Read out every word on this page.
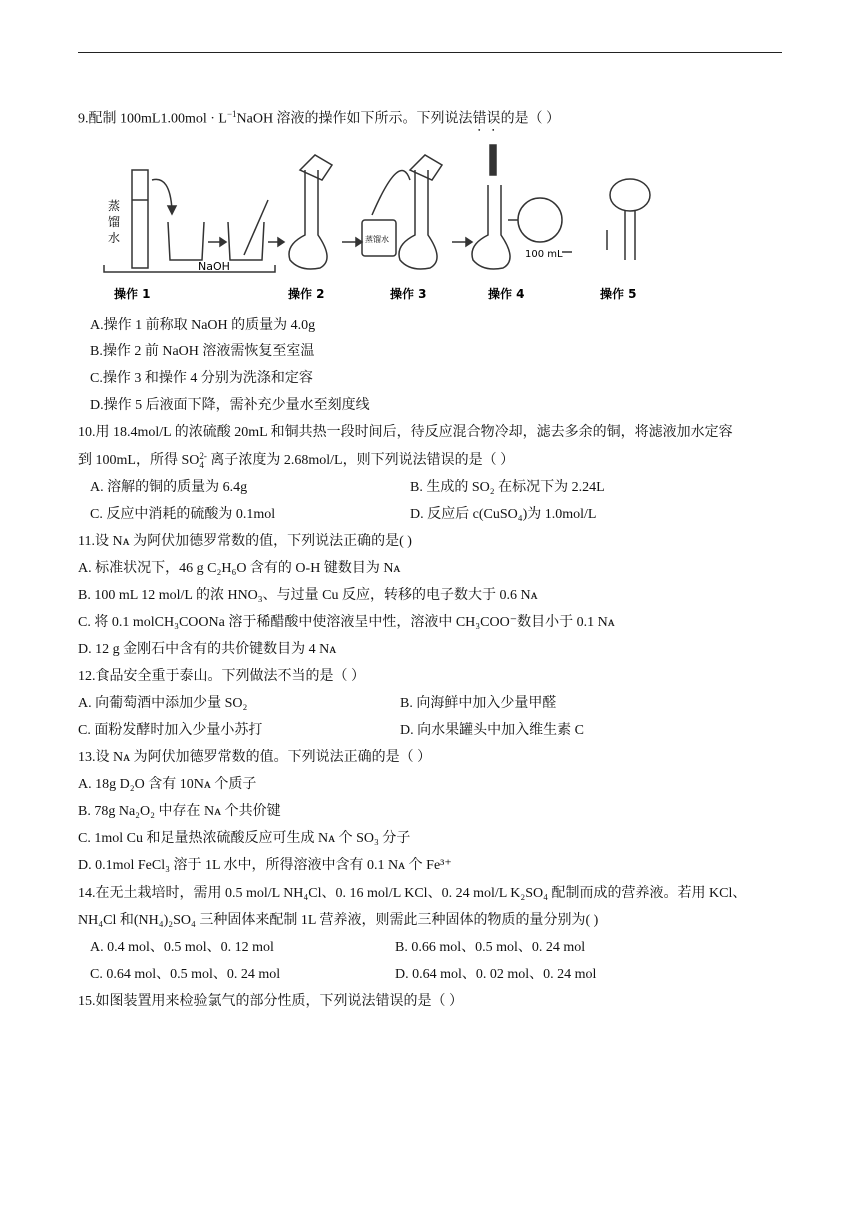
9.配制 $100mL1.00mol \cdot L^{-1}NaOH$ 溶液的操作如下所示。下列说法错误的是（ ）
蒸
馏
水
NaOH
蒸馏水
100 mL
操作 1	操作 2	操作 3	操作 4	操作 5
A.操作 1 前称取 NaOH 的质量为 4.0g
B.操作 2 前 NaOH 溶液需恢复至室温
C.操作 3 和操作 4 分别为洗涤和定容
D.操作 5 后液面下降，需补充少量水至刻度线
10.用 18.4mol/L 的浓硫酸 20mL 和铜共热一段时间后，待反应混合物冷却，滤去多余的铜，将滤液加水定容
到 100mL，所得 SO 2-
4 离子浓度为 2.68mol/L，则下列说法错误的是（ ）
A. 溶解的铜的质量为 6.4g	B. 生成的 SO₂ 在标况下为 2.24L
C. 反应中消耗的硫酸为 0.1mol	D. 反应后 c(CuSO₄)为 1.0mol/L
11.设 Nᴀ 为阿伏加德罗常数的值，下列说法正确的是( )
A. 标准状况下，46 g C₂H₆O 含有的 O-H 键数目为 Nᴀ
B. 100 mL 12 mol/L 的浓 HNO₃、与过量 Cu 反应，转移的电子数大于 0.6 Nᴀ
C. 将 0.1 molCH₃COONa 溶于稀醋酸中使溶液呈中性，溶液中 CH₃COO⁻数目小于 0.1 Nᴀ
D. 12 g 金刚石中含有的共价键数目为 4 Nᴀ
12.食品安全重于泰山。下列做法不当的是（ ）
A. 向葡萄酒中添加少量 SO₂	B. 向海鲜中加入少量甲醛
C. 面粉发酵时加入少量小苏打	D. 向水果罐头中加入维生素 C
13.设 Nᴀ 为阿伏加德罗常数的值。下列说法正确的是（ ）
A. 18g D₂O 含有 10Nᴀ 个质子
B. 78g Na₂O₂ 中存在 Nᴀ 个共价键
C. 1mol Cu 和足量热浓硫酸反应可生成 Nᴀ 个 SO₃ 分子
D. 0.1mol FeCl₃ 溶于 1L 水中，所得溶液中含有 0.1 Nᴀ 个 Fe³⁺
14.在无土栽培时，需用 0.5 mol/L NH₄Cl、0. 16 mol/L KCl、0. 24 mol/L K₂SO₄ 配制而成的营养液。若用 KCl、
NH₄Cl 和(NH₄)₂SO₄ 三种固体来配制 1L 营养液，则需此三种固体的物质的量分别为( )
A. 0.4 mol、0.5 mol、0. 12 mol	B. 0.66 mol、0.5 mol、0. 24 mol
C. 0.64 mol、0.5 mol、0. 24 mol	D. 0.64 mol、0. 02 mol、0. 24 mol
15.如图装置用来检验氯气的部分性质，下列说法错误的是（ ）
